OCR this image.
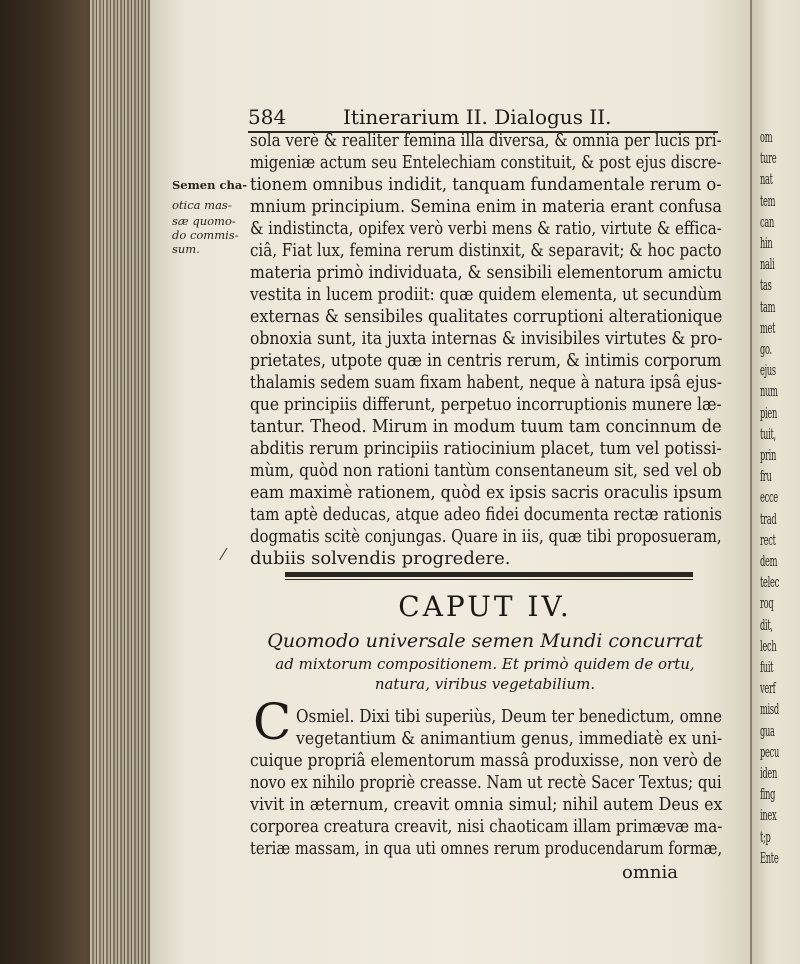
om
ture
nat
tem
can
hin
nali
tas
tam
met
go.
ejus
num
pien
tuit,
prin
fru
ecce
trad
rect
dem
telec
roq
dit,
lech
fuit
verf
misd
gua
pecu
iden
fing
inex
t;p
Ente
584	Itinerarium II. Dialogus II.
Semen cha-
otica mas-
sæ quomo-
do commis-
sum.
sola verè & realiter femina illa diversa, & omnia per lucis pri-
migeniæ actum seu Entelechiam constituit, & post ejus discre-
tionem omnibus indidit, tanquam fundamentale rerum o-
mnium principium. Semina enim in materia erant confusa
& indistincta, opifex verò verbi mens & ratio, virtute & effica-
ciâ, Fiat lux, femina rerum distinxit, & separavit; & hoc pacto
materia primò individuata, & sensibili elementorum amictu
vestita in lucem prodiit: quæ quidem elementa, ut secundùm
externas & sensibiles qualitates corruptioni alterationique
obnoxia sunt, ita juxta internas & invisibiles virtutes & pro-
prietates, utpote quæ in centris rerum, & intimis corporum
thalamis sedem suam fixam habent, neque à natura ipsâ ejus-
que principiis differunt, perpetuo incorruptionis munere læ-
tantur. Theod. Mirum in modum tuum tam concinnum de
abditis rerum principiis ratiocinium placet, tum vel potissi-
mùm, quòd non rationi tantùm consentaneum sit, sed vel ob
eam maximè rationem, quòd ex ipsis sacris oraculis ipsum
tam aptè deducas, atque adeo fidei documenta rectæ rationis
dogmatis scitè conjungas. Quare in iis, quæ tibi proposueram,
dubiis solvendis progredere.
⁄
CAPUT IV.
Quomodo universale semen Mundi concurrat
ad mixtorum compositionem. Et primò quidem de ortu,
natura, viribus vegetabilium.
C Osmiel. Dixi tibi superiùs, Deum ter benedictum, omne
vegetantium & animantium genus, immediatè ex uni-
cuique propriâ elementorum massâ produxisse, non verò de
novo ex nihilo propriè creasse. Nam ut rectè Sacer Textus; qui
vivit in æternum, creavit omnia simul; nihil autem Deus ex
corporea creatura creavit, nisi chaoticam illam primævæ ma-
teriæ massam, in qua uti omnes rerum producendarum formæ,
omnia
